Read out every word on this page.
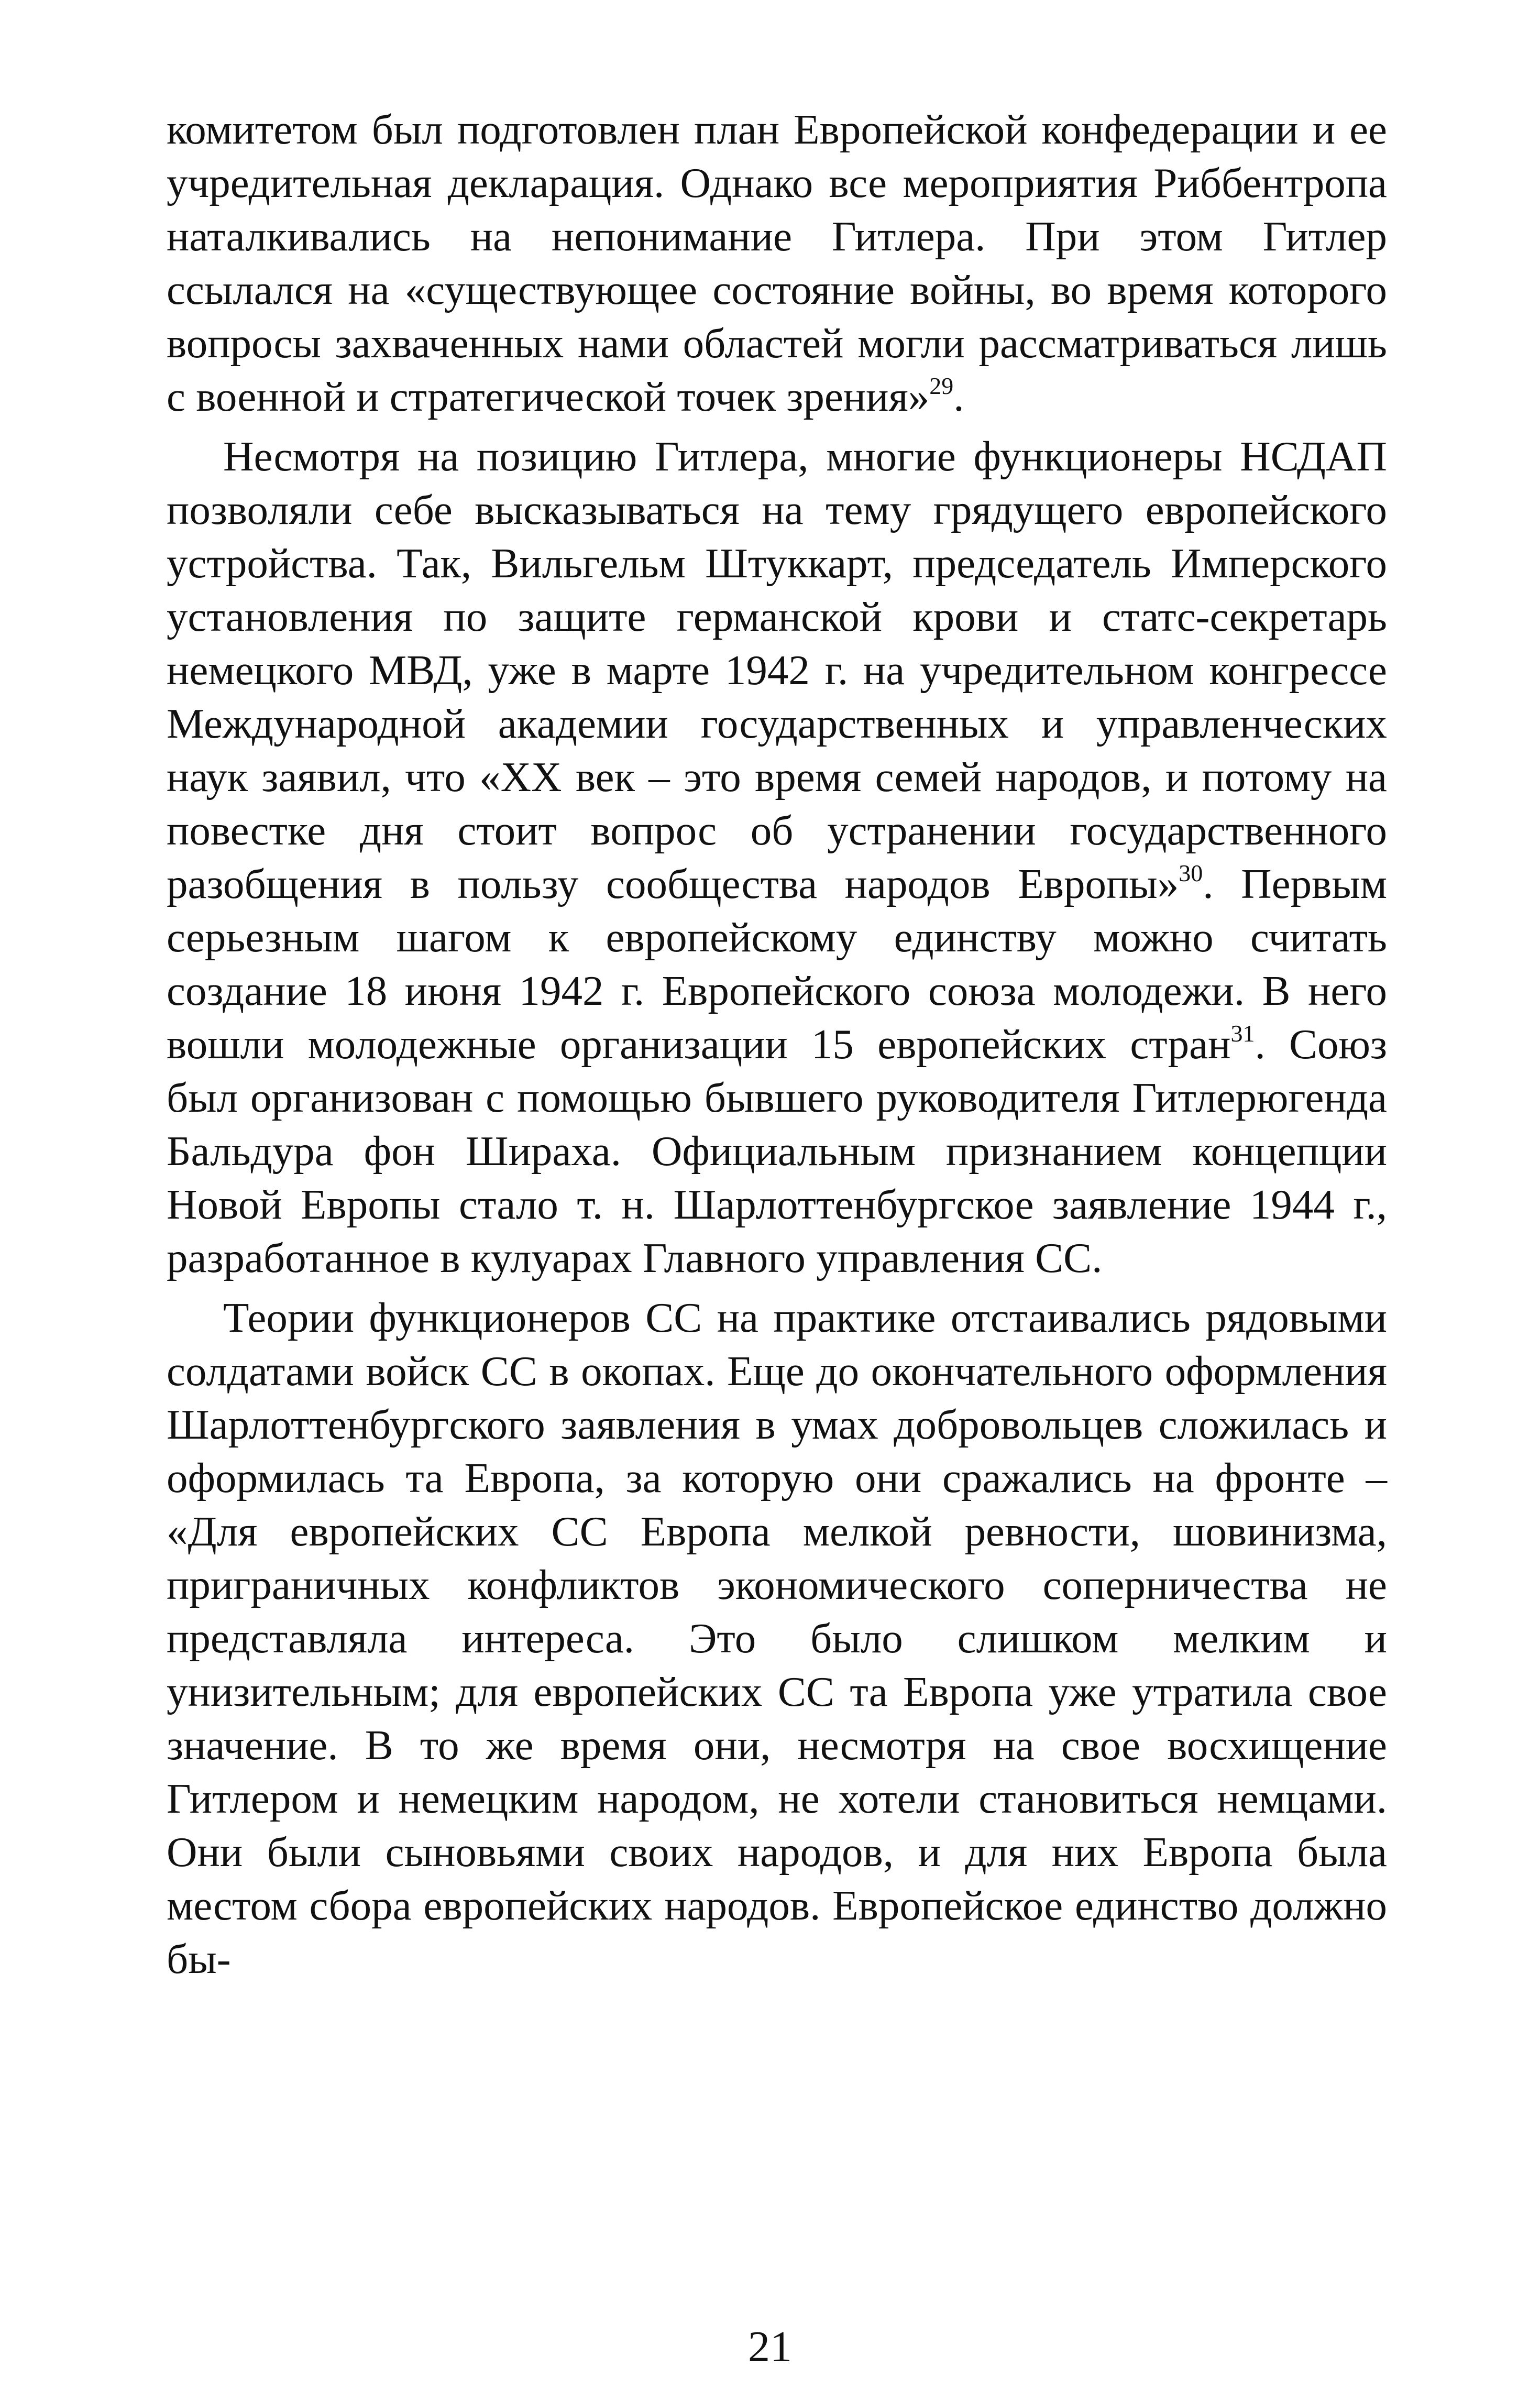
комитетом был подготовлен план Европейской конфедерации и ее учредительная декларация. Однако все мероприятия Риббентропа наталкивались на непонимание Гитлера. При этом Гитлер ссылался на «существующее состояние войны, во время которого вопросы захваченных нами областей могли рассматриваться лишь с военной и стратегической точек зрения»$^{29}$.

Несмотря на позицию Гитлера, многие функционеры НСДАП позволяли себе высказываться на тему грядущего европейского устройства. Так, Вильгельм Штуккарт, председатель Имперского установления по защите германской крови и статс-секретарь немецкого МВД, уже в марте 1942 г. на учредительном конгрессе Международной академии государственных и управленческих наук заявил, что «XX век – это время семей народов, и потому на повестке дня стоит вопрос об устранении государственного разобщения в пользу сообщества народов Европы»$^{30}$. Первым серьезным шагом к европейскому единству можно считать создание 18 июня 1942 г. Европейского союза молодежи. В него вошли молодежные организации 15 европейских стран$^{31}$. Союз был организован с помощью бывшего руководителя Гитлерюгенда Бальдура фон Шираха. Официальным признанием концепции Новой Европы стало т. н. Шарлоттенбургское заявление 1944 г., разработанное в кулуарах Главного управления СС.

Теории функционеров СС на практике отстаивались рядовыми солдатами войск СС в окопах. Еще до окончательного оформления Шарлоттенбургского заявления в умах добровольцев сложилась и оформилась та Европа, за которую они сражались на фронте – «Для европейских СС Европа мелкой ревности, шовинизма, приграничных конфликтов экономического соперничества не представляла интереса. Это было слишком мелким и унизительным; для европейских СС та Европа уже утратила свое значение. В то же время они, несмотря на свое восхищение Гитлером и немецким народом, не хотели становиться немцами. Они были сыновьями своих народов, и для них Европа была местом сбора европейских народов. Европейское единство должно бы-

21
